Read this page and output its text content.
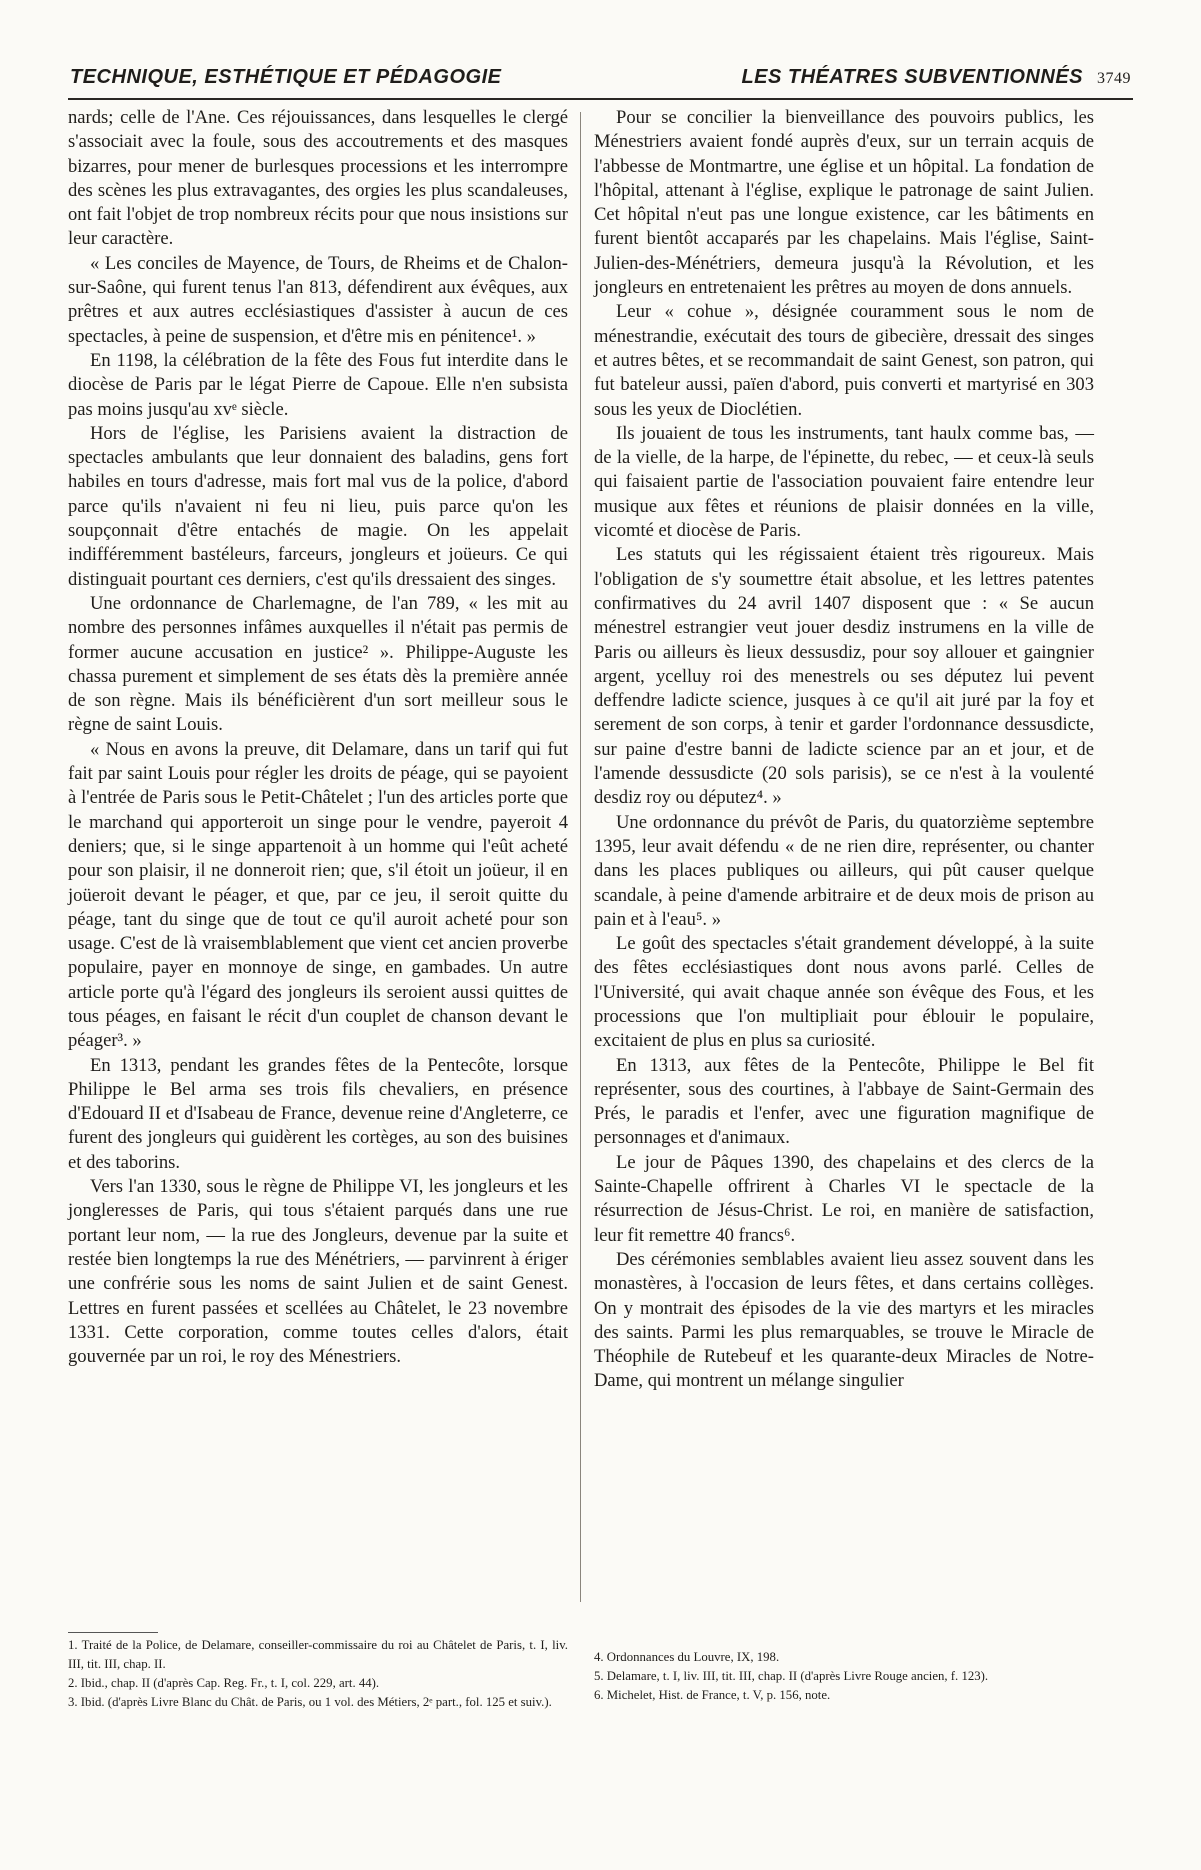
TECHNIQUE, ESTHÉTIQUE ET PÉDAGOGIE	LES THÉATRES SUBVENTIONNÉS 3749

nards; celle de l'Ane. Ces réjouissances, dans lesquelles le clergé s'associait avec la foule, sous des accoutrements et des masques bizarres, pour mener de burlesques processions et les interrompre des scènes les plus extravagantes, des orgies les plus scandaleuses, ont fait l'objet de trop nombreux récits pour que nous insistions sur leur caractère.

« Les conciles de Mayence, de Tours, de Rheims et de Chalon-sur-Saône, qui furent tenus l'an 813, défendirent aux évêques, aux prêtres et aux autres ecclésiastiques d'assister à aucun de ces spectacles, à peine de suspension, et d'être mis en pénitence¹. »

En 1198, la célébration de la fête des Fous fut interdite dans le diocèse de Paris par le légat Pierre de Capoue. Elle n'en subsista pas moins jusqu'au xvᵉ siècle.

Hors de l'église, les Parisiens avaient la distraction de spectacles ambulants que leur donnaient des baladins, gens fort habiles en tours d'adresse, mais fort mal vus de la police, d'abord parce qu'ils n'avaient ni feu ni lieu, puis parce qu'on les soupçonnait d'être entachés de magie. On les appelait indifféremment bastéleurs, farceurs, jongleurs et joüeurs. Ce qui distinguait pourtant ces derniers, c'est qu'ils dressaient des singes.

Une ordonnance de Charlemagne, de l'an 789, « les mit au nombre des personnes infâmes auxquelles il n'était pas permis de former aucune accusation en justice² ». Philippe-Auguste les chassa purement et simplement de ses états dès la première année de son règne. Mais ils bénéficièrent d'un sort meilleur sous le règne de saint Louis.

« Nous en avons la preuve, dit Delamare, dans un tarif qui fut fait par saint Louis pour régler les droits de péage, qui se payoient à l'entrée de Paris sous le Petit-Châtelet ; l'un des articles porte que le marchand qui apporteroit un singe pour le vendre, payeroit 4 deniers; que, si le singe appartenoit à un homme qui l'eût acheté pour son plaisir, il ne donneroit rien; que, s'il étoit un joüeur, il en joüeroit devant le péager, et que, par ce jeu, il seroit quitte du péage, tant du singe que de tout ce qu'il auroit acheté pour son usage. C'est de là vraisemblablement que vient cet ancien proverbe populaire, payer en monnoye de singe, en gambades. Un autre article porte qu'à l'égard des jongleurs ils seroient aussi quittes de tous péages, en faisant le récit d'un couplet de chanson devant le péager³. »

En 1313, pendant les grandes fêtes de la Pentecôte, lorsque Philippe le Bel arma ses trois fils chevaliers, en présence d'Edouard II et d'Isabeau de France, devenue reine d'Angleterre, ce furent des jongleurs qui guidèrent les cortèges, au son des buisines et des taborins.

Vers l'an 1330, sous le règne de Philippe VI, les jongleurs et les jongleresses de Paris, qui tous s'étaient parqués dans une rue portant leur nom, — la rue des Jongleurs, devenue par la suite et restée bien longtemps la rue des Ménétriers, — parvinrent à ériger une confrérie sous les noms de saint Julien et de saint Genest. Lettres en furent passées et scellées au Châtelet, le 23 novembre 1331. Cette corporation, comme toutes celles d'alors, était gouvernée par un roi, le roy des Ménestriers.

Pour se concilier la bienveillance des pouvoirs publics, les Ménestriers avaient fondé auprès d'eux, sur un terrain acquis de l'abbesse de Montmartre, une église et un hôpital. La fondation de l'hôpital, attenant à l'église, explique le patronage de saint Julien. Cet hôpital n'eut pas une longue existence, car les bâtiments en furent bientôt accaparés par les chapelains. Mais l'église, Saint-Julien-des-Ménétriers, demeura jusqu'à la Révolution, et les jongleurs en entretenaient les prêtres au moyen de dons annuels.

Leur « cohue », désignée couramment sous le nom de ménestrandie, exécutait des tours de gibecière, dressait des singes et autres bêtes, et se recommandait de saint Genest, son patron, qui fut bateleur aussi, païen d'abord, puis converti et martyrisé en 303 sous les yeux de Dioclétien.

Ils jouaient de tous les instruments, tant haulx comme bas, — de la vielle, de la harpe, de l'épinette, du rebec, — et ceux-là seuls qui faisaient partie de l'association pouvaient faire entendre leur musique aux fêtes et réunions de plaisir données en la ville, vicomté et diocèse de Paris.

Les statuts qui les régissaient étaient très rigoureux. Mais l'obligation de s'y soumettre était absolue, et les lettres patentes confirmatives du 24 avril 1407 disposent que : « Se aucun ménestrel estrangier veut jouer desdiz instrumens en la ville de Paris ou ailleurs ès lieux dessusdiz, pour soy allouer et gaingnier argent, ycelluy roi des menestrels ou ses députez lui pevent deffendre ladicte science, jusques à ce qu'il ait juré par la foy et serement de son corps, à tenir et garder l'ordonnance dessusdicte, sur paine d'estre banni de ladicte science par an et jour, et de l'amende dessusdicte (20 sols parisis), se ce n'est à la voulenté desdiz roy ou députez⁴. »

Une ordonnance du prévôt de Paris, du quatorzième septembre 1395, leur avait défendu « de ne rien dire, représenter, ou chanter dans les places publiques ou ailleurs, qui pût causer quelque scandale, à peine d'amende arbitraire et de deux mois de prison au pain et à l'eau⁵. »

Le goût des spectacles s'était grandement développé, à la suite des fêtes ecclésiastiques dont nous avons parlé. Celles de l'Université, qui avait chaque année son évêque des Fous, et les processions que l'on multipliait pour éblouir le populaire, excitaient de plus en plus sa curiosité.

En 1313, aux fêtes de la Pentecôte, Philippe le Bel fit représenter, sous des courtines, à l'abbaye de Saint-Germain des Prés, le paradis et l'enfer, avec une figuration magnifique de personnages et d'animaux.

Le jour de Pâques 1390, des chapelains et des clercs de la Sainte-Chapelle offrirent à Charles VI le spectacle de la résurrection de Jésus-Christ. Le roi, en manière de satisfaction, leur fit remettre 40 francs⁶.

Des cérémonies semblables avaient lieu assez souvent dans les monastères, à l'occasion de leurs fêtes, et dans certains collèges. On y montrait des épisodes de la vie des martyrs et les miracles des saints. Parmi les plus remarquables, se trouve le Miracle de Théophile de Rutebeuf et les quarante-deux Miracles de Notre-Dame, qui montrent un mélange singulier

1. Traité de la Police, de Delamare, conseiller-commissaire du roi au Châtelet de Paris, t. I, liv. III, tit. III, chap. II.

2. Ibid., chap. II (d'après Cap. Reg. Fr., t. I, col. 229, art. 44).

3. Ibid. (d'après Livre Blanc du Chât. de Paris, ou 1 vol. des Métiers, 2ᵉ part., fol. 125 et suiv.).

4. Ordonnances du Louvre, IX, 198.

5. Delamare, t. I, liv. III, tit. III, chap. II (d'après Livre Rouge ancien, f. 123).

6. Michelet, Hist. de France, t. V, p. 156, note.
